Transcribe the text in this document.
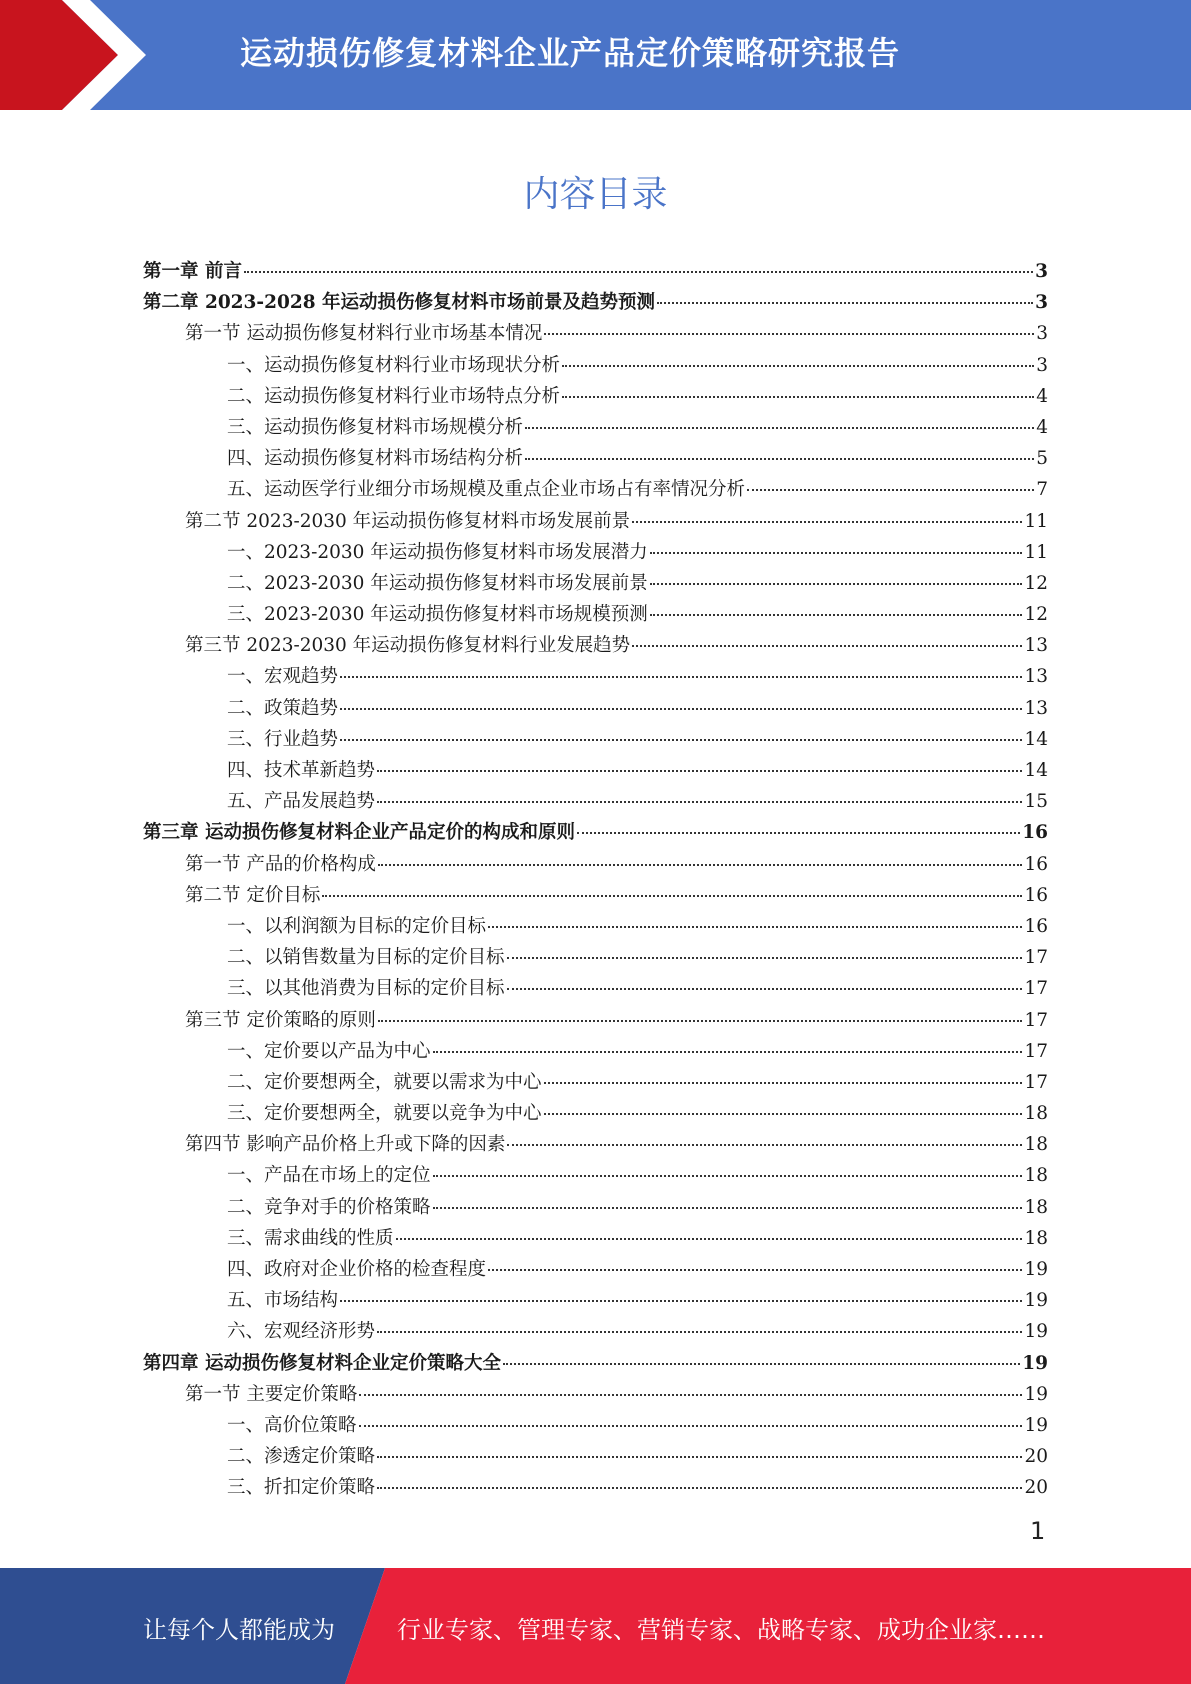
运动损伤修复材料企业产品定价策略研究报告
内容目录
第一章 前言	3
第二章 2023-2028 年运动损伤修复材料市场前景及趋势预测	3
第一节 运动损伤修复材料行业市场基本情况	3
一、运动损伤修复材料行业市场现状分析	3
二、运动损伤修复材料行业市场特点分析	4
三、运动损伤修复材料市场规模分析	4
四、运动损伤修复材料市场结构分析	5
五、运动医学行业细分市场规模及重点企业市场占有率情况分析	7
第二节 2023-2030 年运动损伤修复材料市场发展前景	11
一、2023-2030 年运动损伤修复材料市场发展潜力	11
二、2023-2030 年运动损伤修复材料市场发展前景	12
三、2023-2030 年运动损伤修复材料市场规模预测	12
第三节 2023-2030 年运动损伤修复材料行业发展趋势	13
一、宏观趋势	13
二、政策趋势	13
三、行业趋势	14
四、技术革新趋势	14
五、产品发展趋势	15
第三章 运动损伤修复材料企业产品定价的构成和原则	16
第一节 产品的价格构成	16
第二节 定价目标	16
一、以利润额为目标的定价目标	16
二、以销售数量为目标的定价目标	17
三、以其他消费为目标的定价目标	17
第三节 定价策略的原则	17
一、定价要以产品为中心	17
二、定价要想两全，就要以需求为中心	17
三、定价要想两全，就要以竞争为中心	18
第四节 影响产品价格上升或下降的因素	18
一、产品在市场上的定位	18
二、竞争对手的价格策略	18
三、需求曲线的性质	18
四、政府对企业价格的检查程度	19
五、市场结构	19
六、宏观经济形势	19
第四章 运动损伤修复材料企业定价策略大全	19
第一节 主要定价策略	19
一、高价位策略	19
二、渗透定价策略	20
三、折扣定价策略	20
1
让每个人都能成为	行业专家、管理专家、营销专家、战略专家、成功企业家……
